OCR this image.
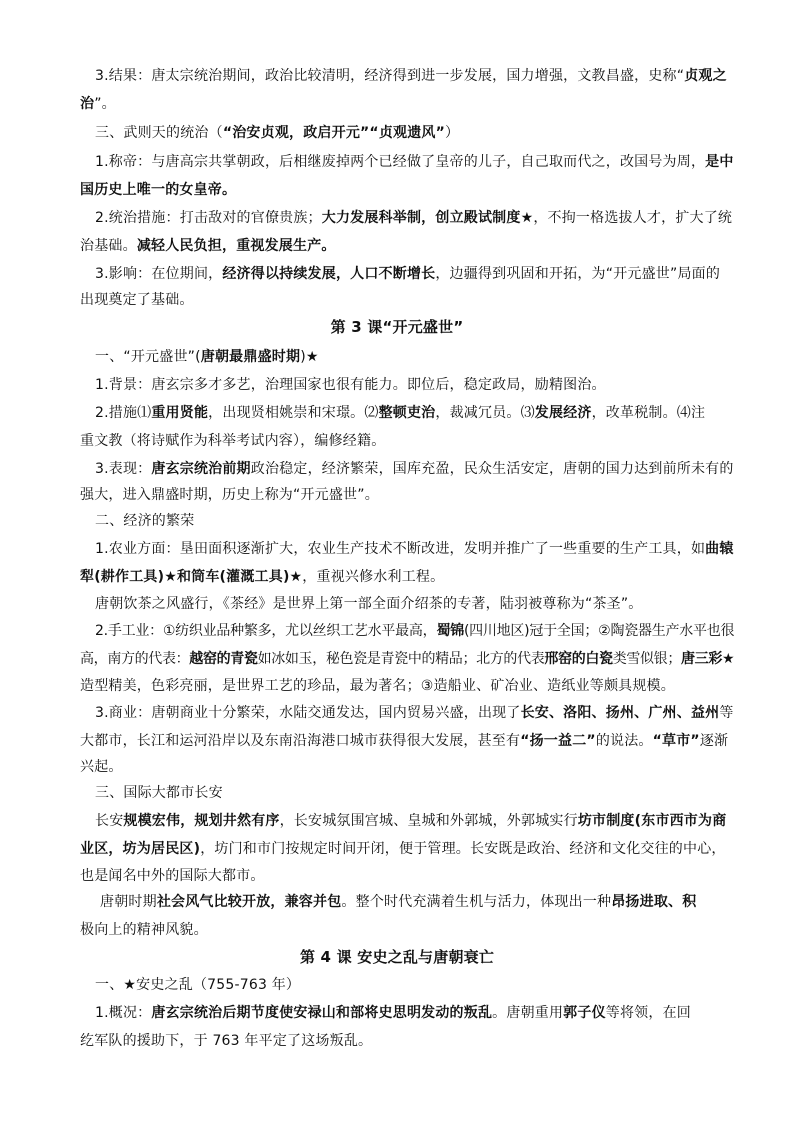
3.结果：唐太宗统治期间，政治比较清明，经济得到进一步发展，国力增强，文教昌盛，史称“贞观之
治”。
三、武则天的统治（“治安贞观，政启开元”“贞观遗风”）
1.称帝：与唐高宗共掌朝政，后相继废掉两个已经做了皇帝的儿子，自己取而代之，改国号为周，是中
国历史上唯一的女皇帝。
2.统治措施：打击敌对的官僚贵族；大力发展科举制，创立殿试制度★，不拘一格选拔人才，扩大了统
治基础。减轻人民负担，重视发展生产。
3.影响：在位期间，经济得以持续发展，人口不断增长，边疆得到巩固和开拓，为“开元盛世”局面的
出现奠定了基础。
第 3 课“开元盛世”
一、“开元盛世”(唐朝最鼎盛时期)★
1.背景：唐玄宗多才多艺，治理国家也很有能力。即位后，稳定政局，励精图治。
2.措施⑴重用贤能，出现贤相姚崇和宋璟。⑵整顿吏治，裁减冗员。⑶发展经济，改革税制。⑷注
重文教（将诗赋作为科举考试内容），编修经籍。
3.表现：唐玄宗统治前期政治稳定，经济繁荣，国库充盈，民众生活安定，唐朝的国力达到前所未有的
强大，进入鼎盛时期，历史上称为“开元盛世”。
二、经济的繁荣
1.农业方面：垦田面积逐渐扩大，农业生产技术不断改进，发明并推广了一些重要的生产工具，如曲辕
犁(耕作工具)★和筒车(灌溉工具)★，重视兴修水利工程。
唐朝饮茶之风盛行，《茶经》是世界上第一部全面介绍茶的专著，陆羽被尊称为“茶圣”。
2.手工业：①纺织业品种繁多，尤以丝织工艺水平最高，蜀锦(四川地区)冠于全国；②陶瓷器生产水平也很
高，南方的代表：越窑的青瓷如冰如玉，秘色瓷是青瓷中的精品；北方的代表邢窑的白瓷类雪似银；唐三彩★
造型精美，色彩亮丽，是世界工艺的珍品，最为著名；③造船业、矿冶业、造纸业等颇具规模。
3.商业：唐朝商业十分繁荣，水陆交通发达，国内贸易兴盛，出现了长安、洛阳、扬州、广州、益州等
大都市，长江和运河沿岸以及东南沿海港口城市获得很大发展，甚至有“扬一益二”的说法。“草市”逐渐
兴起。
三、国际大都市长安
长安规模宏伟，规划井然有序，长安城氛围宫城、皇城和外郭城，外郭城实行坊市制度(东市西市为商
业区，坊为居民区)，坊门和市门按规定时间开闭，便于管理。长安既是政治、经济和文化交往的中心，
也是闻名中外的国际大都市。
唐朝时期社会风气比较开放，兼容并包。整个时代充满着生机与活力，体现出一种昂扬进取、积
极向上的精神风貌。
第 4 课 安史之乱与唐朝衰亡
一、★安史之乱（755-763 年）
1.概况：唐玄宗统治后期节度使安禄山和部将史思明发动的叛乱。唐朝重用郭子仪等将领，在回
纥军队的援助下，于 763 年平定了这场叛乱。
